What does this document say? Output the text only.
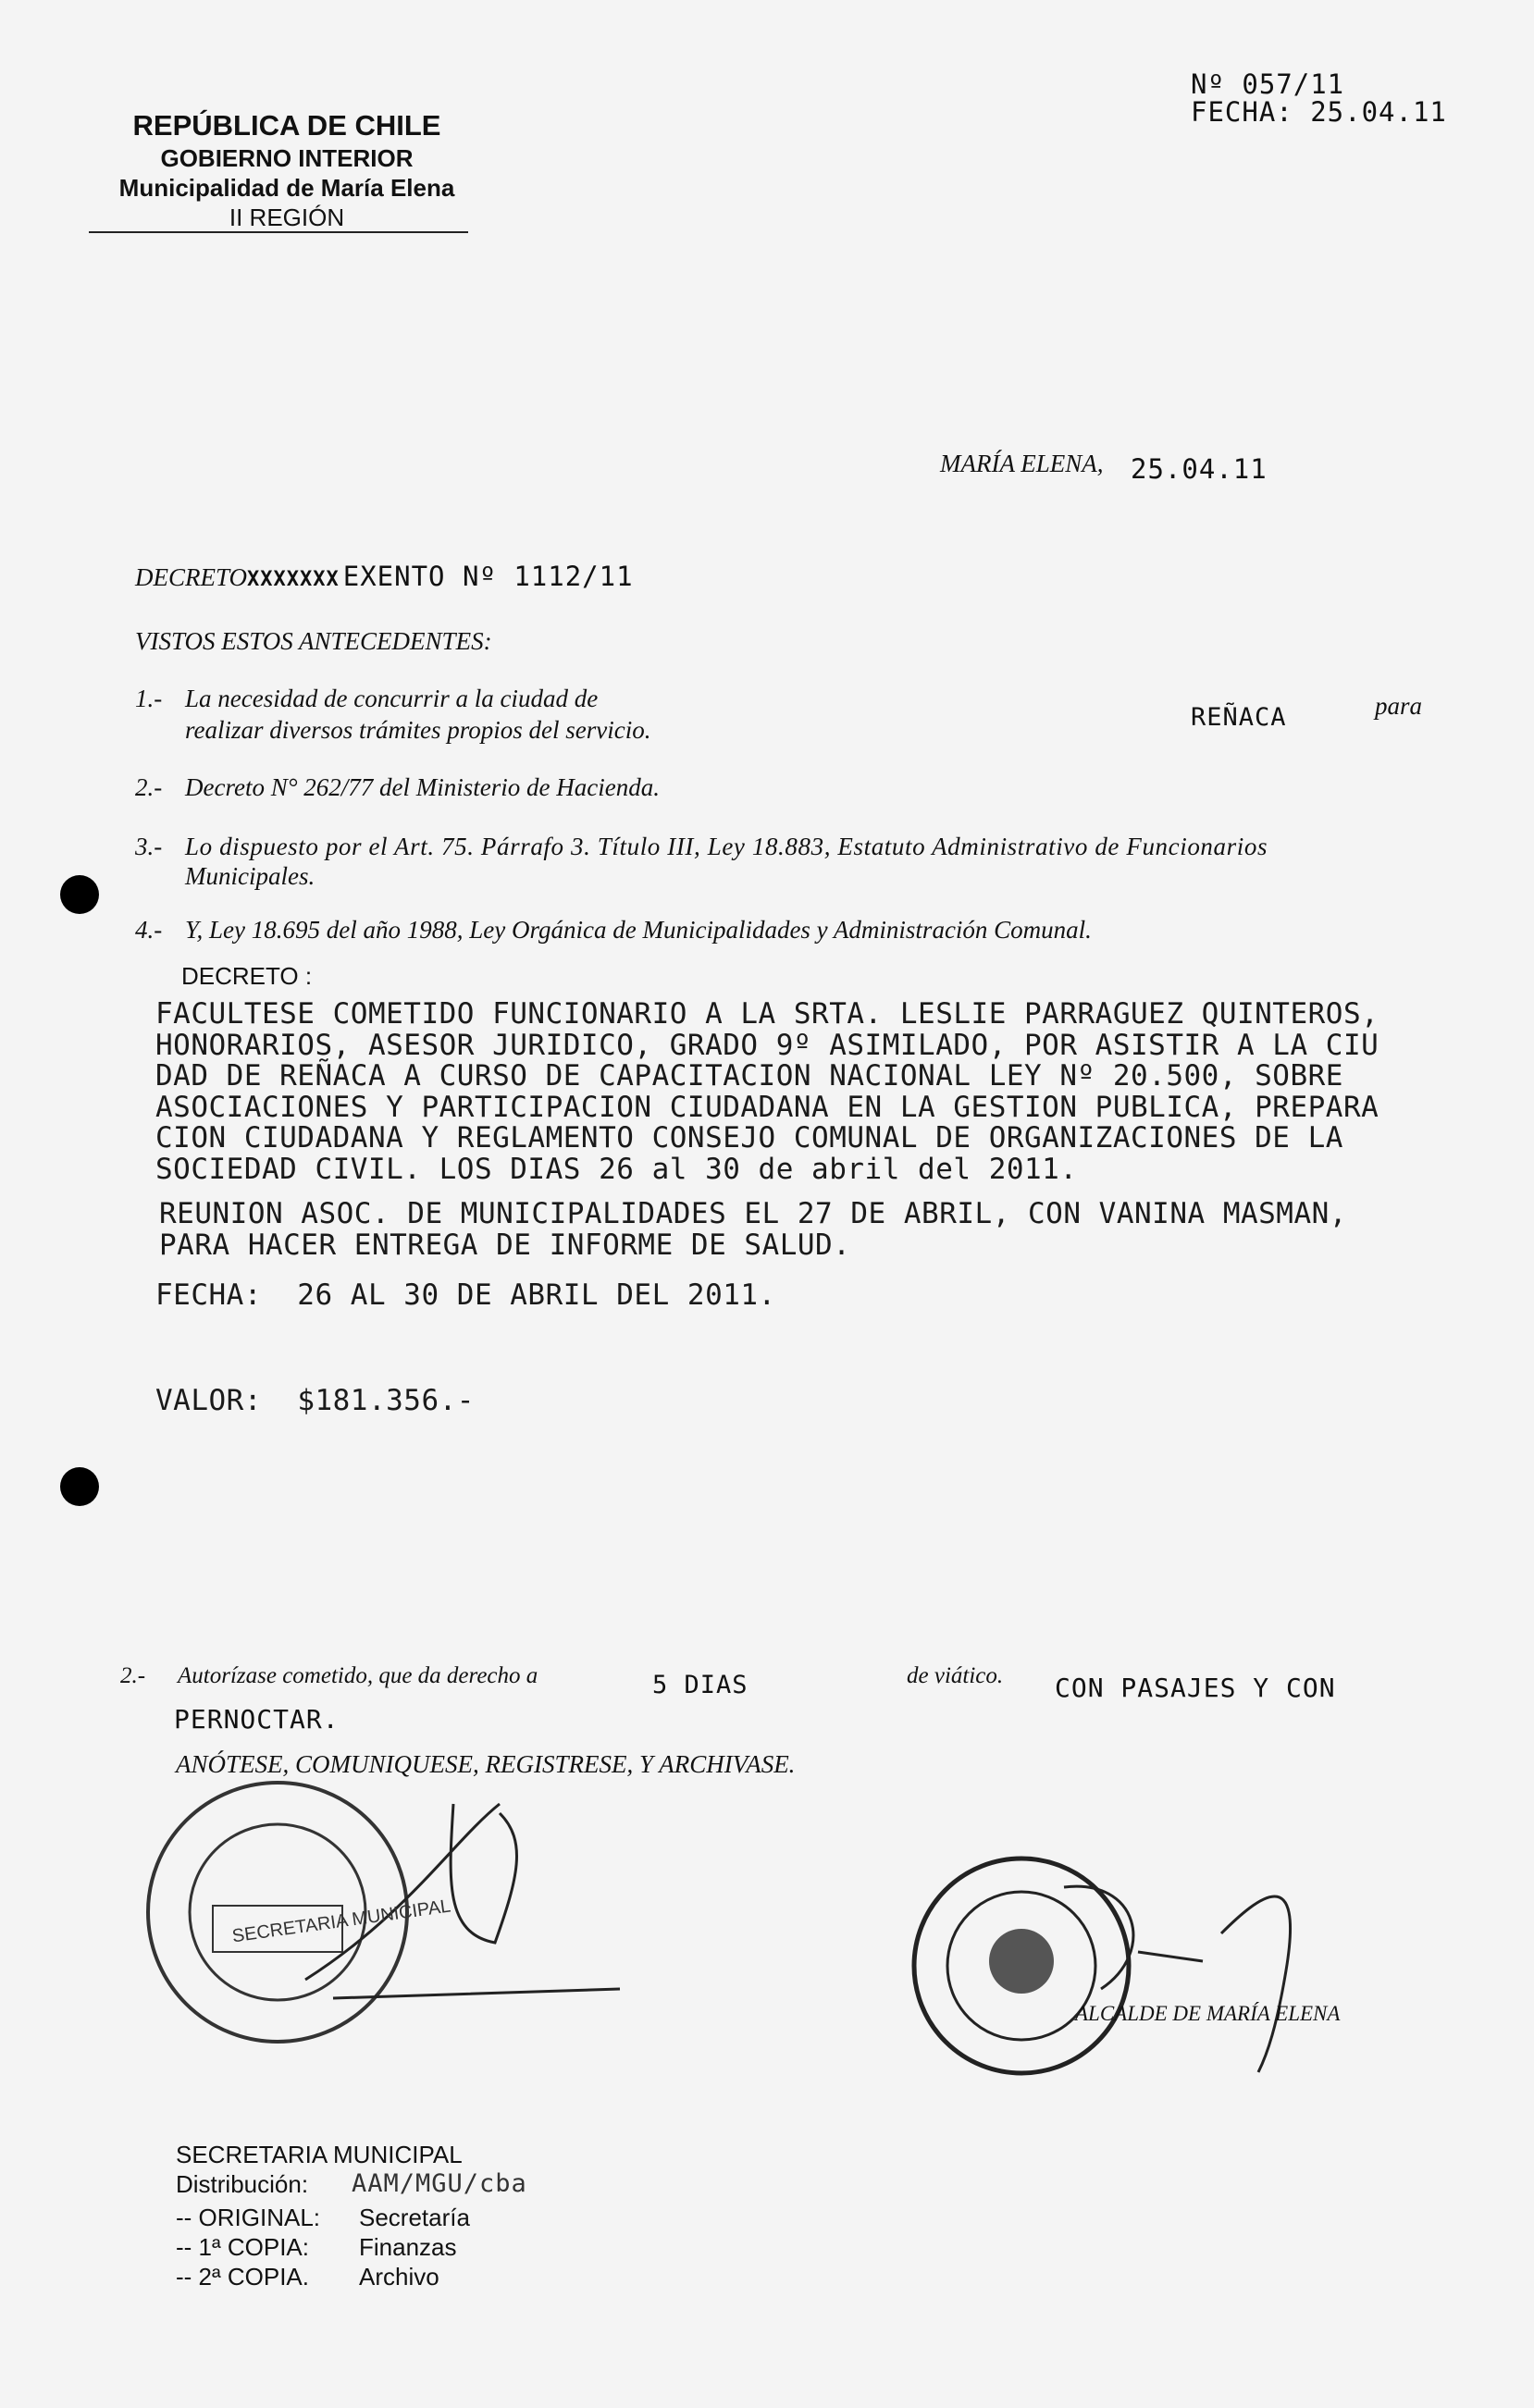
REPÚBLICA DE CHILE
GOBIERNO INTERIOR
Municipalidad de María Elena
II REGIÓN
Nº 057/11
FECHA: 25.04.11
MARÍA ELENA, 25.04.11
DECRETOXXXXXXX EXENTO Nº 1112/11
VISTOS ESTOS ANTECEDENTES:
1.- La necesidad de concurrir a la ciudad de
realizar diversos trámites propios del servicio.	REÑACA	para
2.- Decreto N° 262/77 del Ministerio de Hacienda.
3.- Lo dispuesto por el Art. 75. Párrafo 3. Título III, Ley 18.883, Estatuto Administrativo de Funcionarios
Municipales.
4.- Y, Ley 18.695 del año 1988, Ley Orgánica de Municipalidades y Administración Comunal.
DECRETO :
FACULTESE COMETIDO FUNCIONARIO A LA SRTA. LESLIE PARRAGUEZ QUINTEROS,
HONORARIOS, ASESOR JURIDICO, GRADO 9º ASIMILADO, POR ASISTIR A LA CIU
DAD DE REÑACA A CURSO DE CAPACITACION NACIONAL LEY Nº 20.500, SOBRE
ASOCIACIONES Y PARTICIPACION CIUDADANA EN LA GESTION PUBLICA, PREPARA
CION CIUDADANA Y REGLAMENTO CONSEJO COMUNAL DE ORGANIZACIONES DE LA
SOCIEDAD CIVIL. LOS DIAS 26 al 30 de abril del 2011.
REUNION ASOC. DE MUNICIPALIDADES EL 27 DE ABRIL, CON VANINA MASMAN,
PARA HACER ENTREGA DE INFORME DE SALUD.
FECHA:  26 AL 30 DE ABRIL DEL 2011.
VALOR: $181.356.-
2.- Autorízase cometido, que da derecho a	5 DIAS	de viático. CON PASAJES Y CON
PERNOCTAR.
ANÓTESE, COMUNIQUESE, REGISTRESE, Y ARCHIVASE.
SECRETARIA MUNICIPAL
ALCALDE DE MARÍA ELENA
SECRETARIA MUNICIPAL
Distribución: AAM/MGU/cba
-- ORIGINAL: Secretaría
-- 1ª COPIA: Finanzas
-- 2ª COPIA. Archivo
